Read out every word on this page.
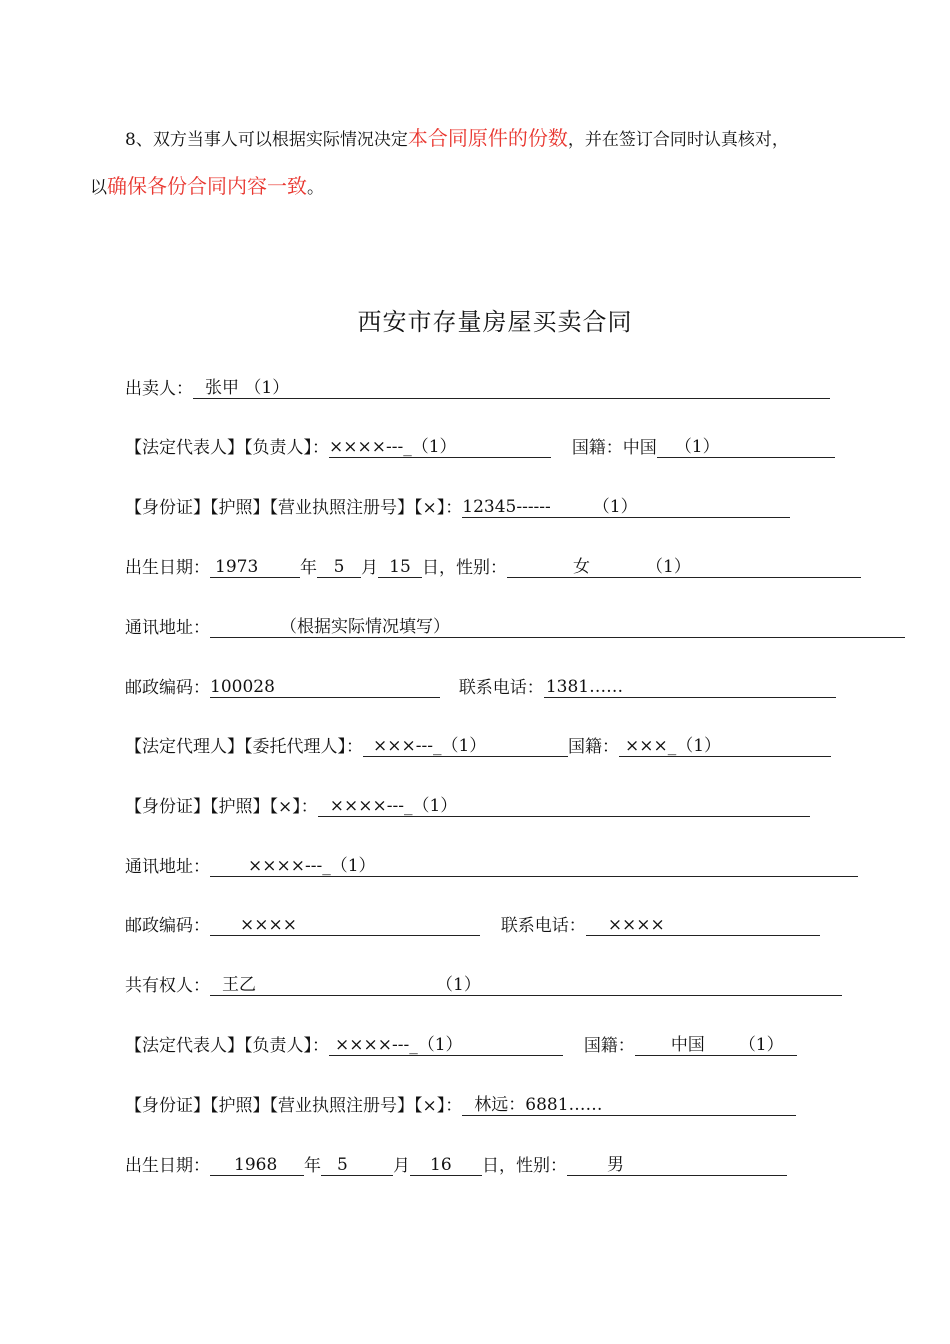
8、双方当事人可以根据实际情况决定本合同原件的份数，并在签订合同时认真核对，
以确保各份合同内容一致。
西安市存量房屋买卖合同
出卖人： 张甲 （1）
【法定代表人】【负责人】：××××---_（1）	国籍：中国 （1）
【身份证】【护照】【营业执照注册号】【×】：12345------ （1）
出生日期： 1973 年 5 月 15 日，性别：	女	（1）
通讯地址：	（根据实际情况填写）
邮政编码：100028	联系电话： 1381……
【法定代理人】【委托代理人】： ×××---_（1）	国籍： ×××_（1）
【身份证】【护照】【×】： ××××---_（1）
通讯地址： ××××---_（1）
邮政编码： ××××	联系电话： ××××
共有权人： 王乙	（1）
【法定代表人】【负责人】： ××××---_（1）	国籍： 中国 （1）
【身份证】【护照】【营业执照注册号】【×】： 林远：6881……
出生日期： 1968 年 5	月 16 日，性别： 男
